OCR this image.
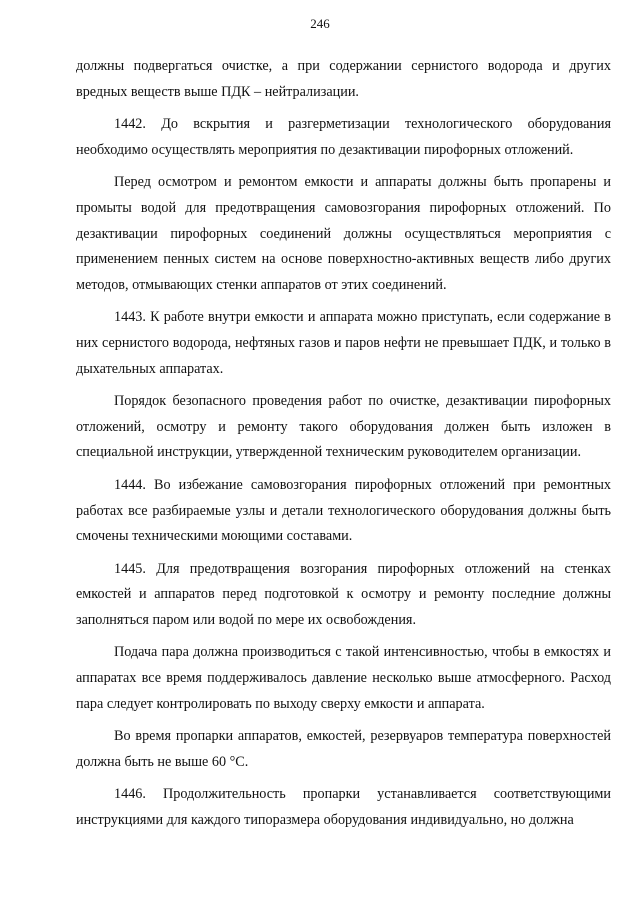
246

должны подвергаться очистке, а при содержании сернистого водорода и других вредных веществ выше ПДК – нейтрализации.

1442. До вскрытия и разгерметизации технологического оборудования необходимо осуществлять мероприятия по дезактивации пирофорных отложений.

Перед осмотром и ремонтом емкости и аппараты должны быть пропарены и промыты водой для предотвращения самовозгорания пирофорных отложений. По дезактивации пирофорных соединений должны осуществляться мероприятия с применением пенных систем на основе поверхностно-активных веществ либо других методов, отмывающих стенки аппаратов от этих соединений.

1443. К работе внутри емкости и аппарата можно приступать, если содержание в них сернистого водорода, нефтяных газов и паров нефти не превышает ПДК, и только в дыхательных аппаратах.

Порядок безопасного проведения работ по очистке, дезактивации пирофорных отложений, осмотру и ремонту такого оборудования должен быть изложен в специальной инструкции, утвержденной техническим руководителем организации.

1444. Во избежание самовозгорания пирофорных отложений при ремонтных работах все разбираемые узлы и детали технологического оборудования должны быть смочены техническими моющими составами.

1445. Для предотвращения возгорания пирофорных отложений на стенках емкостей и аппаратов перед подготовкой к осмотру и ремонту последние должны заполняться паром или водой по мере их освобождения.

Подача пара должна производиться с такой интенсивностью, чтобы в емкостях и аппаратах все время поддерживалось давление несколько выше атмосферного. Расход пара следует контролировать по выходу сверху емкости и аппарата.

Во время пропарки аппаратов, емкостей, резервуаров температура поверхностей должна быть не выше 60 °С.

1446. Продолжительность пропарки устанавливается соответствующими инструкциями для каждого типоразмера оборудования индивидуально, но должна
